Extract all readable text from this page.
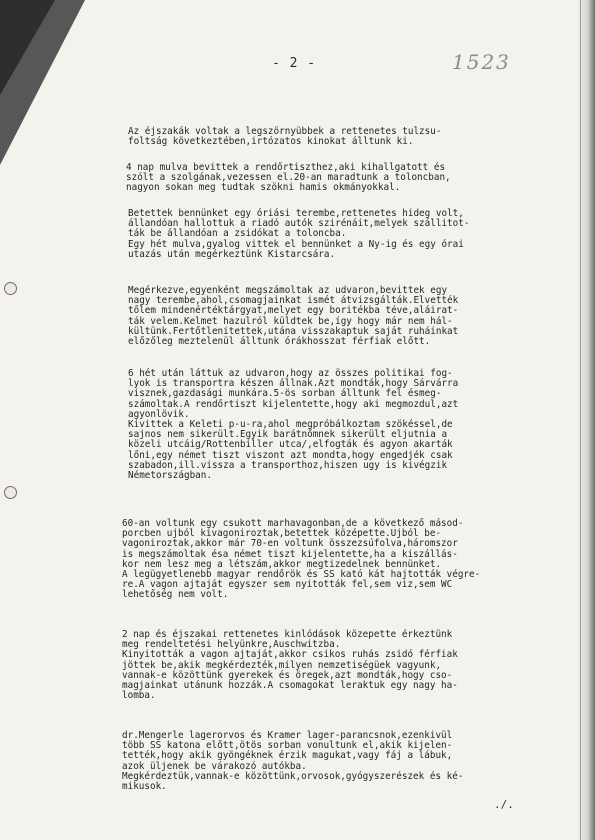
- 2 -	1523
Az éjszakák voltak a legszörnyübbek a rettenetes tulzsu-
foltság következtében,irtózatos kinokat álltunk ki.
4 nap mulva bevittek a rendőrtiszthez,aki kihallgatott és
szólt a szolgának,vezessen el.20-an maradtunk a toloncban,
nagyon sokan meg tudtak szökni hamis okmányokkal.
Betettek bennünket egy óriási terembe,rettenetes hideg volt,
állandóan hallottuk a riadó autók szirénáit,melyek szállitot-
ták be állandóan a zsidókat a toloncba.
Egy hét mulva,gyalog vittek el bennünket a Ny-ig és egy órai
utazás után megérkeztünk Kistarcsára.
Megérkezve,egyenként megszámoltak az udvaron,bevittek egy
nagy terembe,ahol,csomagjainkat ismét átvizsgálták.Elvették
tőlem mindenértéktárgyat,melyet egy boritékba téve,aláirat-
ták velem.Kelmet hazulról küldtek be,így hogy már nem hál-
kültünk.Fertőtlenitettek,utána visszakaptuk saját ruháinkat
előzőleg meztelenül álltunk órákhosszat férfiak előtt.
6 hét után láttuk az udvaron,hogy az összes politikai fog-
lyok is transportra készen állnak.Azt mondták,hogy Sárvárra
visznek,gazdasági munkára.5-ös sorban álltunk fel ésmeg-
számoltak.A rendőrtiszt kijelentette,hogy aki megmozdul,azt
agyonlövik.
Kivittek a Keleti p-u-ra,ahol megpróbálkoztam szökéssel,de
sajnos nem sikerült.Egyik barátnőmnek sikerült eljutnia a
közeli utcáig/Rottenbiller utca/,elfogták és agyon akarták
lőni,egy német tiszt viszont azt mondta,hogy engedjék csak
szabadon,ill.vissza a transporthoz,hiszen ugy is kivégzik
Németországban.
60-an voltunk egy csukott marhavagonban,de a következő másod-
porcben ujból kivagoniroztak,betettek középette.Ujból be-
vagoniroztak,akkor már 70-en voltunk összezsúfolva,háromszor
is megszámoltak ésa német tiszt kijelentette,ha a kiszállás-
kor nem lesz meg a létszám,akkor megtizedelnek bennünket.
A legügyetlenebb magyar rendőrök és SS kató kát hajtották végre-
re.A vagon ajtaját egyszer sem nyitották fel,sem viz,sem WC
lehetőség nem volt.
2 nap és éjszakai rettenetes kinlódások közepette érkeztünk
meg rendeltetési helyünkre,Auschwitzba.
Kinyitották a vagon ajtaját,akkor csikos ruhás zsidó férfiak
jöttek be,akik megkérdezték,milyen nemzetiségüek vagyunk,
vannak-e közöttünk gyerekek és öregek,azt mondták,hogy cso-
magjainkat utánunk hozzák.A csomagokat leraktuk egy nagy ha-
lomba.
dr.Mengerle lagerorvos és Kramer lager-parancsnok,ezenkivül
több SS katona előtt,ötös sorban vonultunk el,akik kijelen-
tették,hogy akik gyöngéknek érzik magukat,vagy fáj a lábuk,
azok üljenek be várakozó autókba.
Megkérdeztük,vannak-e közöttünk,orvosok,gyógyszerészek és ké-
mikusok.
./.
